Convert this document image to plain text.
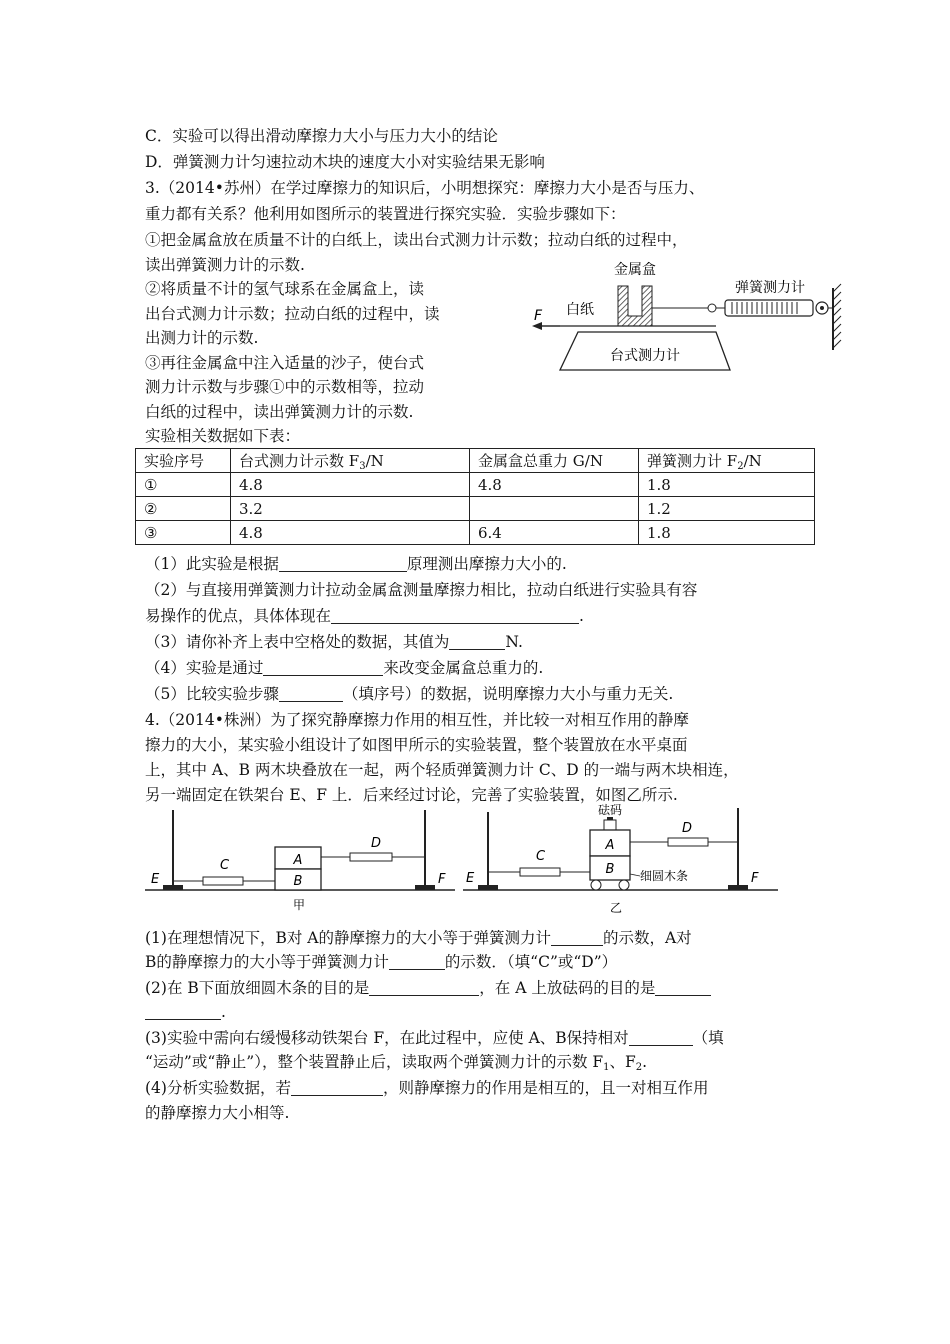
C．实验可以得出滑动摩擦力大小与压力大小的结论
D．弹簧测力计匀速拉动木块的速度大小对实验结果无影响
3.（2014•苏州）在学过摩擦力的知识后，小明想探究：摩擦力大小是否与压力、
重力都有关系？他利用如图所示的装置进行探究实验．实验步骤如下：
①把金属盒放在质量不计的白纸上，读出台式测力计示数；拉动白纸的过程中，
读出弹簧测力计的示数.
②将质量不计的氢气球系在金属盒上，读
出台式测力计示数；拉动白纸的过程中，读
出测力计的示数.
③再往金属盒中注入适量的沙子，使台式
测力计示数与步骤①中的示数相等，拉动
白纸的过程中，读出弹簧测力计的示数.
实验相关数据如下表：
台式测力计
F 白纸
金属盒
弹簧测力计
实验序号	台式测力计示数 $F_3/N$	金属盒总重力 G/N	弹簧测力计 $F_2/N$
①	4.8	4.8	1.8
②	3.2		1.2
③	4.8	6.4	1.8
（1）此实验是根据	原理测出摩擦力大小的.
（2）与直接用弹簧测力计拉动金属盒测量摩擦力相比，拉动白纸进行实验具有容
易操作的优点，具体体现在	.
（3）请你补齐上表中空格处的数据，其值为	N.
（4）实验是通过	来改变金属盒总重力的.
（5）比较实验步骤	（填序号）的数据，说明摩擦力大小与重力无关.
4.（2014•株洲）为了探究静摩擦力作用的相互性，并比较一对相互作用的静摩
擦力的大小，某实验小组设计了如图甲所示的实验装置，整个装置放在水平桌面
上，其中 A、B 两木块叠放在一起，两个轻质弹簧测力计 C、D 的一端与两木块相连，
另一端固定在铁架台 E、F 上．后来经过讨论，完善了实验装置，如图乙所示.
E	F
C	A
B
D
甲
E	F
C
砝码
A
B 细圆木条
D
乙
(1)在理想情况下，B对 A的静摩擦力的大小等于弹簧测力计	的示数，A对
B的静摩擦力的大小等于弹簧测力计	的示数．（填“C”或“D”）
(2)在 B下面放细圆木条的目的是	，在 A 上放砝码的目的是
.
(3)实验中需向右缓慢移动铁架台 F，在此过程中，应使 A、B保持相对	（填
“运动”或“静止”），整个装置静止后，读取两个弹簧测力计的示数 $F_1$、$F_2$.
(4)分析实验数据，若	，则静摩擦力的作用是相互的，且一对相互作用
的静摩擦力大小相等.
